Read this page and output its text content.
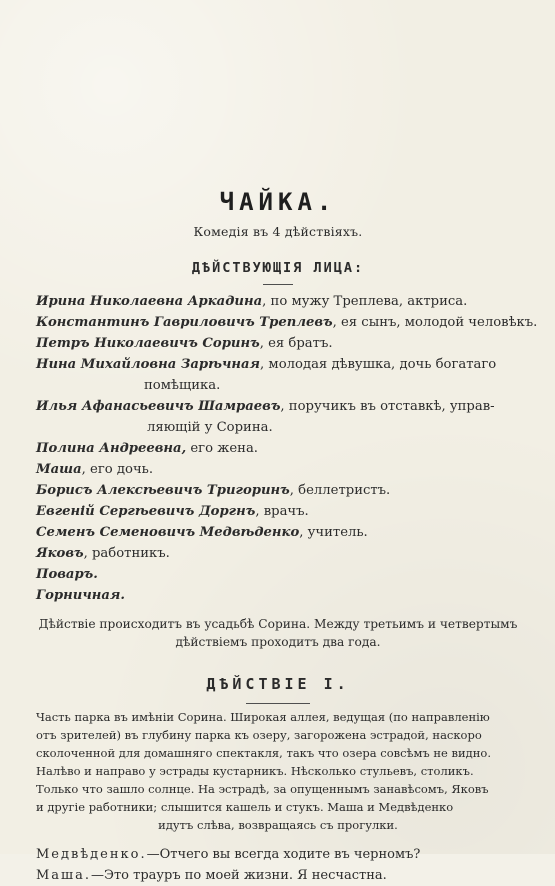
ЧАЙКА.
Комедія въ 4 дѣйствіяхъ.
ДѢЙСТВУЮЩІЯ ЛИЦА:
Ирина Николаевна Аркадина, по мужу Треплева, актриса.
Константинъ Гавриловичъ Треплевъ, ея сынъ, молодой человѣкъ.
Петръ Николаевичъ Соринъ, ея братъ.
Нина Михайловна Зарѣчная, молодая дѣвушка, дочь богатаго
помѣщика.
Илья Афанасьевичъ Шамраевъ, поручикъ въ отставкѣ, управ-
ляющій у Сорина.
Полина Андреевна, его жена.
Маша, его дочь.
Борисъ Алексѣевичъ Тригоринъ, беллетристъ.
Евгеній Сергѣевичъ Доргнъ, врачъ.
Семенъ Семеновичъ Медвѣденко, учитель.
Яковъ, работникъ.
Поваръ.
Горничная.
Дѣйствіе происходитъ въ усадьбѣ Сорина. Между третьимъ и четвертымъ
дѣйствіемъ проходитъ два года.
ДѢЙСТВІЕ I.
Часть парка въ имѣніи Сорина. Широкая аллея, ведущая (по направленію
отъ зрителей) въ глубину парка къ озеру, загорожена эстрадой, наскоро
сколоченной для домашняго спектакля, такъ что озера совсѣмъ не видно.
Налѣво и направо у эстрады кустарникъ. Нѣсколько стульевъ, столикъ.
Только что зашло солнце. На эстрадѣ, за опущеннымъ занавѣсомъ, Яковъ
и другіе работники; слышится кашель и стукъ. Маша и Медвѣденко
идутъ слѣва, возвращаясь съ прогулки.
Медвѣденко.—Отчего вы всегда ходите въ черномъ?
Маша.—Это трауръ по моей жизни. Я несчастна.
